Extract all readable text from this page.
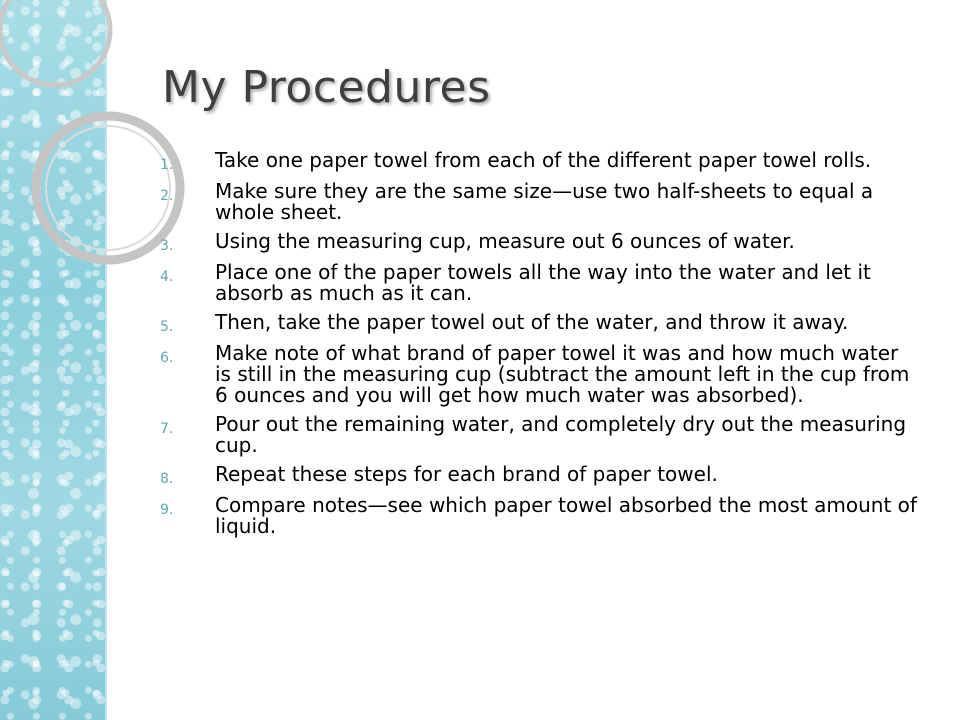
My Procedures
1.	Take one paper towel from each of the different paper towel rolls.
2.	Make sure they are the same size—use two half-sheets to equal a whole sheet.
3.	Using the measuring cup, measure out 6 ounces of water.
4.	Place one of the paper towels all the way into the water and let it absorb as much as it can.
5.	Then, take the paper towel out of the water, and throw it away.
6.	Make note of what brand of paper towel it was and how much water is still in the measuring cup (subtract the amount left in the cup from 6 ounces and you will get how much water was absorbed).
7.	Pour out the remaining water, and completely dry out the measuring cup.
8.	Repeat these steps for each brand of paper towel.
9.	Compare notes—see which paper towel absorbed the most amount of liquid.
